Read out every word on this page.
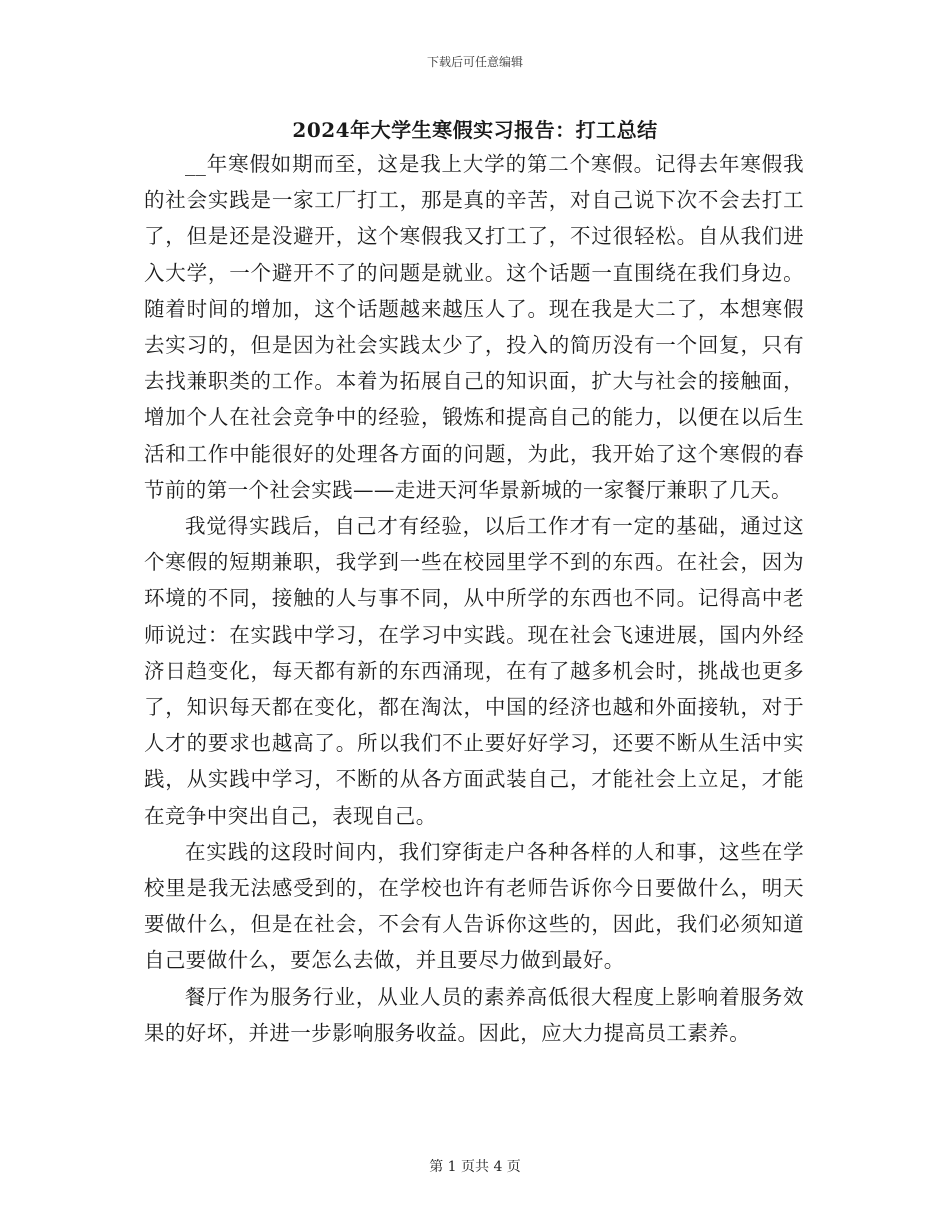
下载后可任意编辑
2024年大学生寒假实习报告：打工总结

__年寒假如期而至，这是我上大学的第二个寒假。记得去年寒假我的社会实践是一家工厂打工，那是真的辛苦，对自己说下次不会去打工了，但是还是没避开，这个寒假我又打工了，不过很轻松。自从我们进入大学，一个避开不了的问题是就业。这个话题一直围绕在我们身边。随着时间的增加，这个话题越来越压人了。现在我是大二了，本想寒假去实习的，但是因为社会实践太少了，投入的简历没有一个回复，只有去找兼职类的工作。本着为拓展自己的知识面，扩大与社会的接触面，增加个人在社会竞争中的经验，锻炼和提高自己的能力，以便在以后生活和工作中能很好的处理各方面的问题，为此，我开始了这个寒假的春节前的第一个社会实践——走进天河华景新城的一家餐厅兼职了几天。

我觉得实践后，自己才有经验，以后工作才有一定的基础，通过这个寒假的短期兼职，我学到一些在校园里学不到的东西。在社会，因为环境的不同，接触的人与事不同，从中所学的东西也不同。记得高中老师说过：在实践中学习，在学习中实践。现在社会飞速进展，国内外经济日趋变化，每天都有新的东西涌现，在有了越多机会时，挑战也更多了，知识每天都在变化，都在淘汰，中国的经济也越和外面接轨，对于人才的要求也越高了。所以我们不止要好好学习，还要不断从生活中实践，从实践中学习，不断的从各方面武装自己，才能社会上立足，才能在竞争中突出自己，表现自己。

在实践的这段时间内，我们穿街走户各种各样的人和事，这些在学校里是我无法感受到的，在学校也许有老师告诉你今日要做什么，明天要做什么，但是在社会，不会有人告诉你这些的，因此，我们必须知道自己要做什么，要怎么去做，并且要尽力做到最好。

餐厅作为服务行业，从业人员的素养高低很大程度上影响着服务效果的好坏，并进一步影响服务收益。因此，应大力提高员工素养。

第 1 页共 4 页
